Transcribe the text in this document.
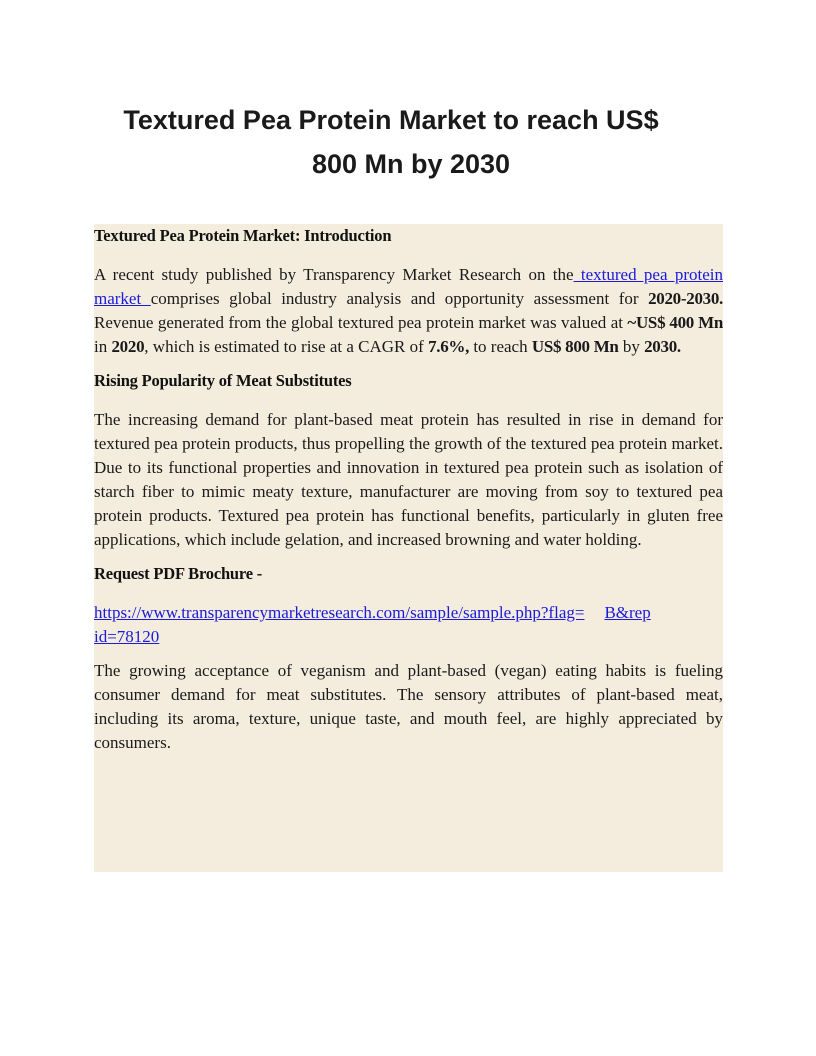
Textured Pea Protein Market to reach US$
800 Mn by 2030

Textured Pea Protein Market: Introduction

A recent study published by Transparency Market Research on the textured pea protein market comprises global industry analysis and opportunity assessment for 2020-2030. Revenue generated from the global textured pea protein market was valued at ~US$ 400 Mn in 2020, which is estimated to rise at a CAGR of 7.6%, to reach US$ 800 Mn by 2030.

Rising Popularity of Meat Substitutes

The increasing demand for plant-based meat protein has resulted in rise in demand for textured pea protein products, thus propelling the growth of the textured pea protein market. Due to its functional properties and innovation in textured pea protein such as isolation of starch fiber to mimic meaty texture, manufacturer are moving from soy to textured pea protein products. Textured pea protein has functional benefits, particularly in gluten free applications, which include gelation, and increased browning and water holding.

Request PDF Brochure -

https://www.transparencymarketresearch.com/sample/sample.php?flag= B&rep
id=78120

The growing acceptance of veganism and plant-based (vegan) eating habits is fueling consumer demand for meat substitutes. The sensory attributes of plant-based meat, including its aroma, texture, unique taste, and mouth feel, are highly appreciated by consumers.
